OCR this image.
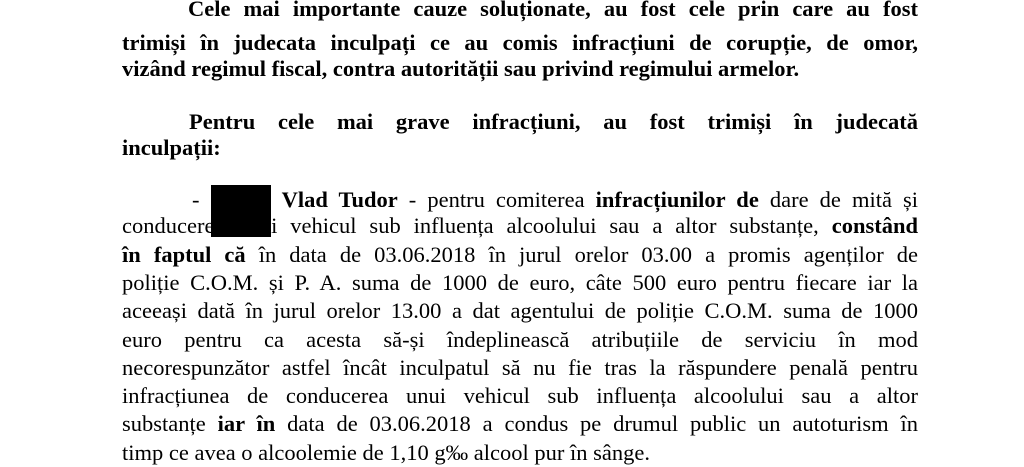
Cele mai importante cauze soluționate, au fost cele prin care au fost

trimiși în judecata inculpați ce au comis infracțiuni de corupție, de omor,

vizând regimul fiscal, contra autorității sau privind regimului armelor.

Pentru cele mai grave infracțiuni, au fost trimiși în judecată

inculpații:

-	Vlad Tudor - pentru comiterea infracțiunilor de dare de mită și

conducerea unui vehicul sub influența alcoolului sau a altor substanțe, constând

în faptul că în data de 03.06.2018 în jurul orelor 03.00 a promis agenților de

poliție C.O.M. și P. A. suma de 1000 de euro, câte 500 euro pentru fiecare iar la

aceeași dată în jurul orelor 13.00 a dat agentului de poliție C.O.M. suma de 1000

euro pentru ca acesta să-și îndeplinească atribuțiile de serviciu în mod

necorespunzător astfel încât inculpatul să nu fie tras la răspundere penală pentru

infracțiunea de conducerea unui vehicul sub influența alcoolului sau a altor

substanțe iar în data de 03.06.2018 a condus pe drumul public un autoturism în

timp ce avea o alcoolemie de 1,10 g‰ alcool pur în sânge.
